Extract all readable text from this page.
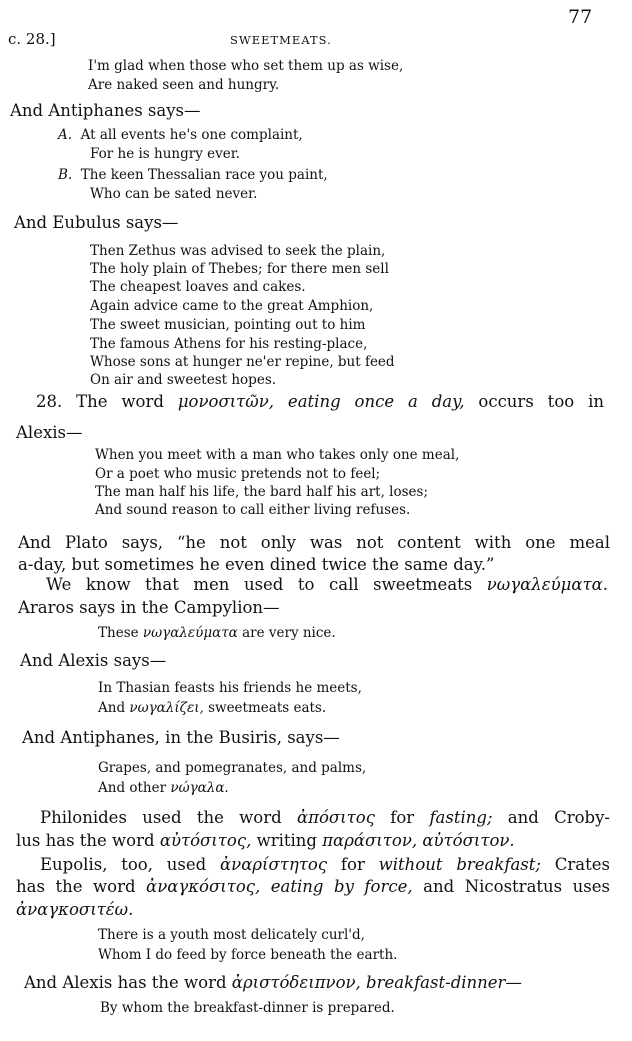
c. 28.]	SWEETMEATS.
77
I'm glad when those who set them up as wise,
Are naked seen and hungry.
And Antiphanes says—
A.  At all events he's one complaint,
For he is hungry ever.
B.  The keen Thessalian race you paint,
Who can be sated never.
And Eubulus says—
Then Zethus was advised to seek the plain,
The holy plain of Thebes; for there men sell
The cheapest loaves and cakes.
Again advice came to the great Amphion,
The sweet musician, pointing out to him
The famous Athens for his resting-place,
Whose sons at hunger ne'er repine, but feed
On air and sweetest hopes.
28. The word μονοσιτῶν, eating once a day, occurs too in
Alexis—
When you meet with a man who takes only one meal,
Or a poet who music pretends not to feel;
The man half his life, the bard half his art, loses;
And sound reason to call either living refuses.
And Plato says, “he not only was not content with one meal
a-day, but sometimes he even dined twice the same day.”
We know that men used to call sweetmeats νωγαλεύματα.
Araros says in the Campylion—
These νωγαλεύματα are very nice.
And Alexis says—
In Thasian feasts his friends he meets,
And νωγαλίζει, sweetmeats eats.
And Antiphanes, in the Busiris, says—
Grapes, and pomegranates, and palms,
And other νώγαλα.
Philonides used the word ἀπόσιτος for fasting; and Croby-
lus has the word αὐτόσιτος, writing παράσιτον, αὐτόσιτον.
Eupolis, too, used ἀναρίστητος for without breakfast; Crates
has the word ἀναγκόσιτος, eating by force, and Nicostratus uses
ἀναγκοσιτέω.
There is a youth most delicately curl'd,
Whom I do feed by force beneath the earth.
And Alexis has the word ἀριστόδειπνον, breakfast-dinner—
By whom the breakfast-dinner is prepared.
